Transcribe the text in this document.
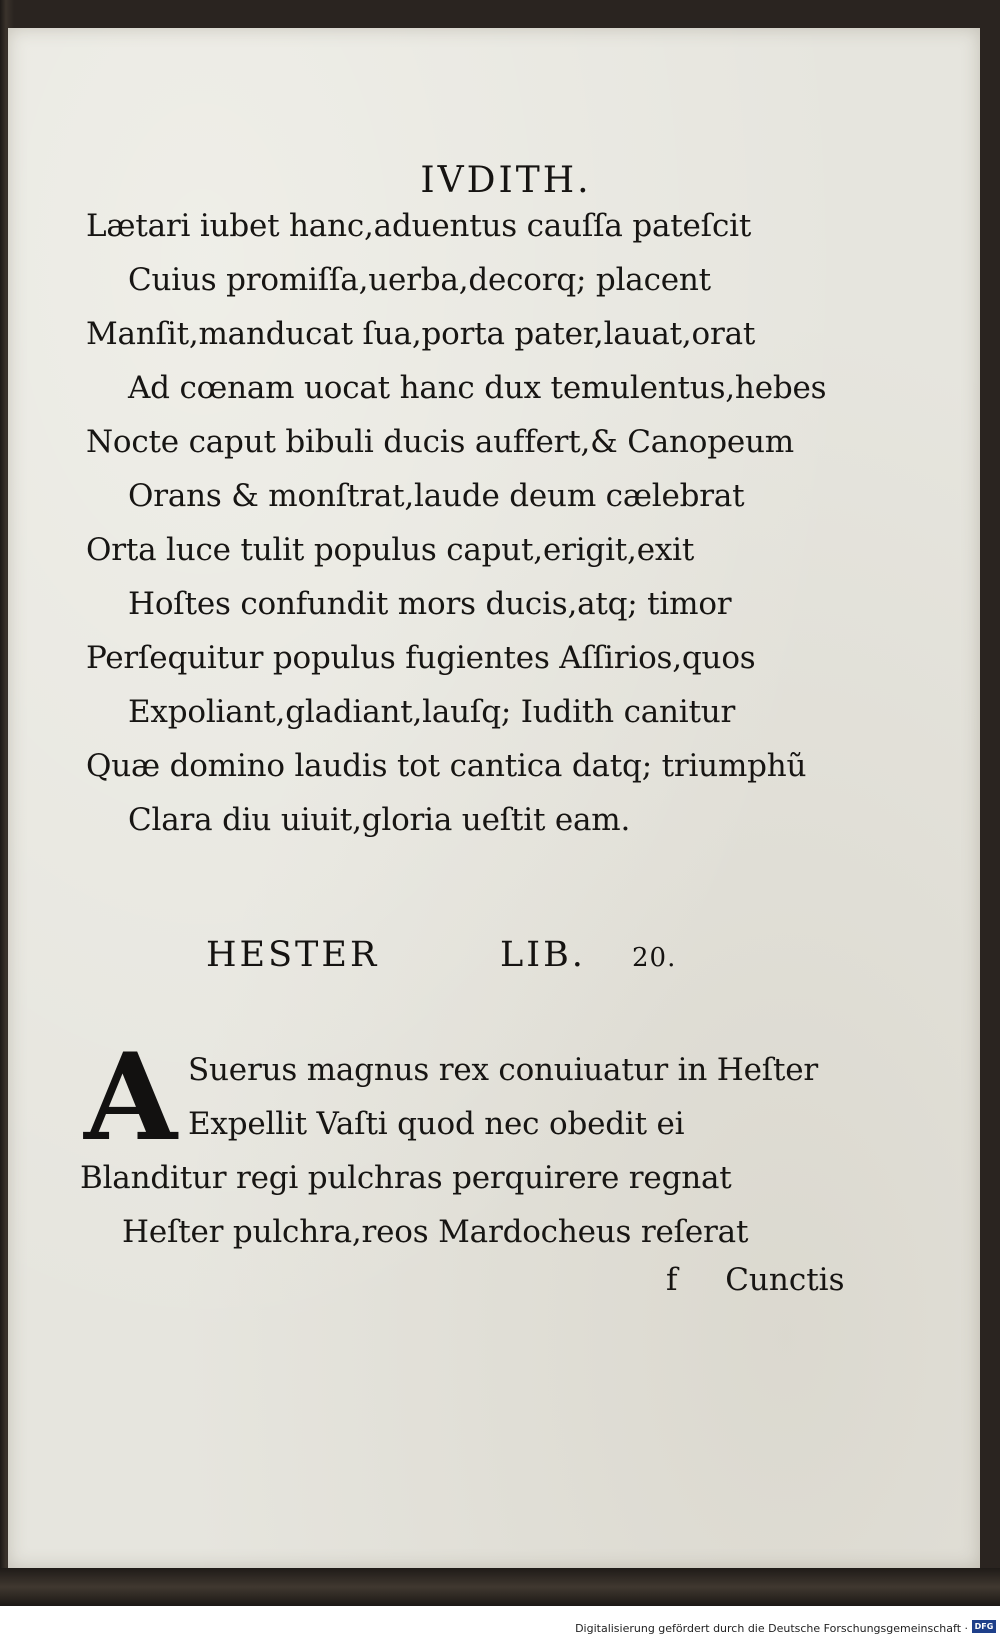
IVDITH.
Lætari iubet hanc,aduentus cauſſa pateſcit
Cuius promiſſa,uerba,decorq; placent
Manſit,manducat ſua,porta pater,lauat,orat
Ad cœnam uocat hanc dux temulentus,hebes
Nocte caput bibuli ducis auffert,& Canopeum
Orans & monſtrat,laude deum cælebrat
Orta luce tulit populus caput,erigit,exit
Hoſtes confundit mors ducis,atq; timor
Perſequitur populus fugientes Aſſirios,quos
Expoliant,gladiant,lauſq; Iudith canitur
Quæ domino laudis tot cantica datq; triumphũ
Clara diu uiuit,gloria ueſtit eam.
HESTER	LIB. 20.
A Suerus magnus rex conuiuatur in Heſter
Expellit Vaſti quod nec obedit ei
Blanditur regi pulchras perquirere regnat
Heſter pulchra,reos Mardocheus reſerat
f Cunctis
Digitalisierung gefördert durch die Deutsche Forschungsgemeinschaft · DFG
